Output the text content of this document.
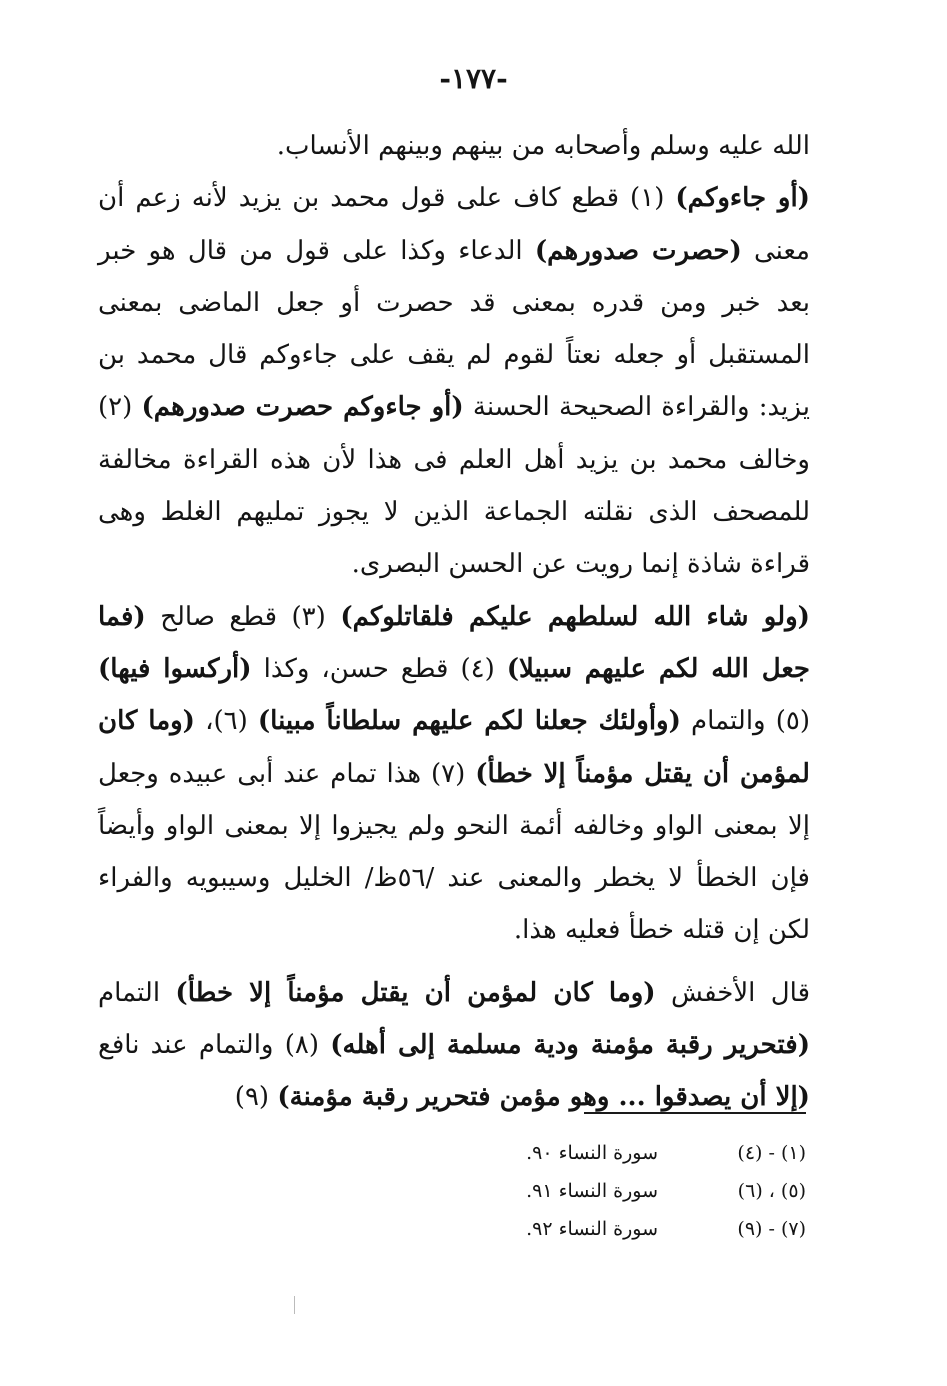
-١٧٧-

الله عليه وسلم وأصحابه من بينهم وبينهم الأنساب.

(أو جاءوكم) (١) قطع كاف على قول محمد بن يزيد لأنه زعم أن معنى (حصرت صدورهم) الدعاء وكذا على قول من قال هو خبر بعد خبر ومن قدره بمعنى قد حصرت أو جعل الماضى بمعنى المستقبل أو جعله نعتاً لقوم لم يقف على جاءوكم قال محمد بن يزيد: والقراءة الصحيحة الحسنة (أو جاءوكم حصرت صدورهم) (٢) وخالف محمد بن يزيد أهل العلم فى هذا لأن هذه القراءة مخالفة للمصحف الذى نقلته الجماعة الذين لا يجوز تمليهم الغلط وهى قراءة شاذة إنما رويت عن الحسن البصرى.

(ولو شاء الله لسلطهم عليكم فلقاتلوكم) (٣) قطع صالح (فما جعل الله لكم عليهم سبيلا) (٤) قطع حسن، وكذا (أركسوا فيها) (٥) والتمام (وأولئك جعلنا لكم عليهم سلطاناً مبينا) (٦)، (وما كان لمؤمن أن يقتل مؤمناً إلا خطأ) (٧) هذا تمام عند أبى عبيده وجعل إلا بمعنى الواو وخالفه أئمة النحو ولم يجيزوا إلا بمعنى الواو وأيضاً فإن الخطأ لا يخطر والمعنى عند /٥٦ظ/ الخليل وسيبويه والفراء لكن إن قتله خطأ فعليه هذا.

قال الأخفش (وما كان لمؤمن أن يقتل مؤمناً إلا خطأ) التمام (فتحرير رقبة مؤمنة ودية مسلمة إلى أهله) (٨) والتمام عند نافع (إلا أن يصدقوا ... وهو مؤمن فتحرير رقبة مؤمنة) (٩)

(١) - (٤)
سورة النساء ٩٠.
(٥) ، (٦)
سورة النساء ٩١.
(٧) - (٩)
سورة النساء ٩٢.
